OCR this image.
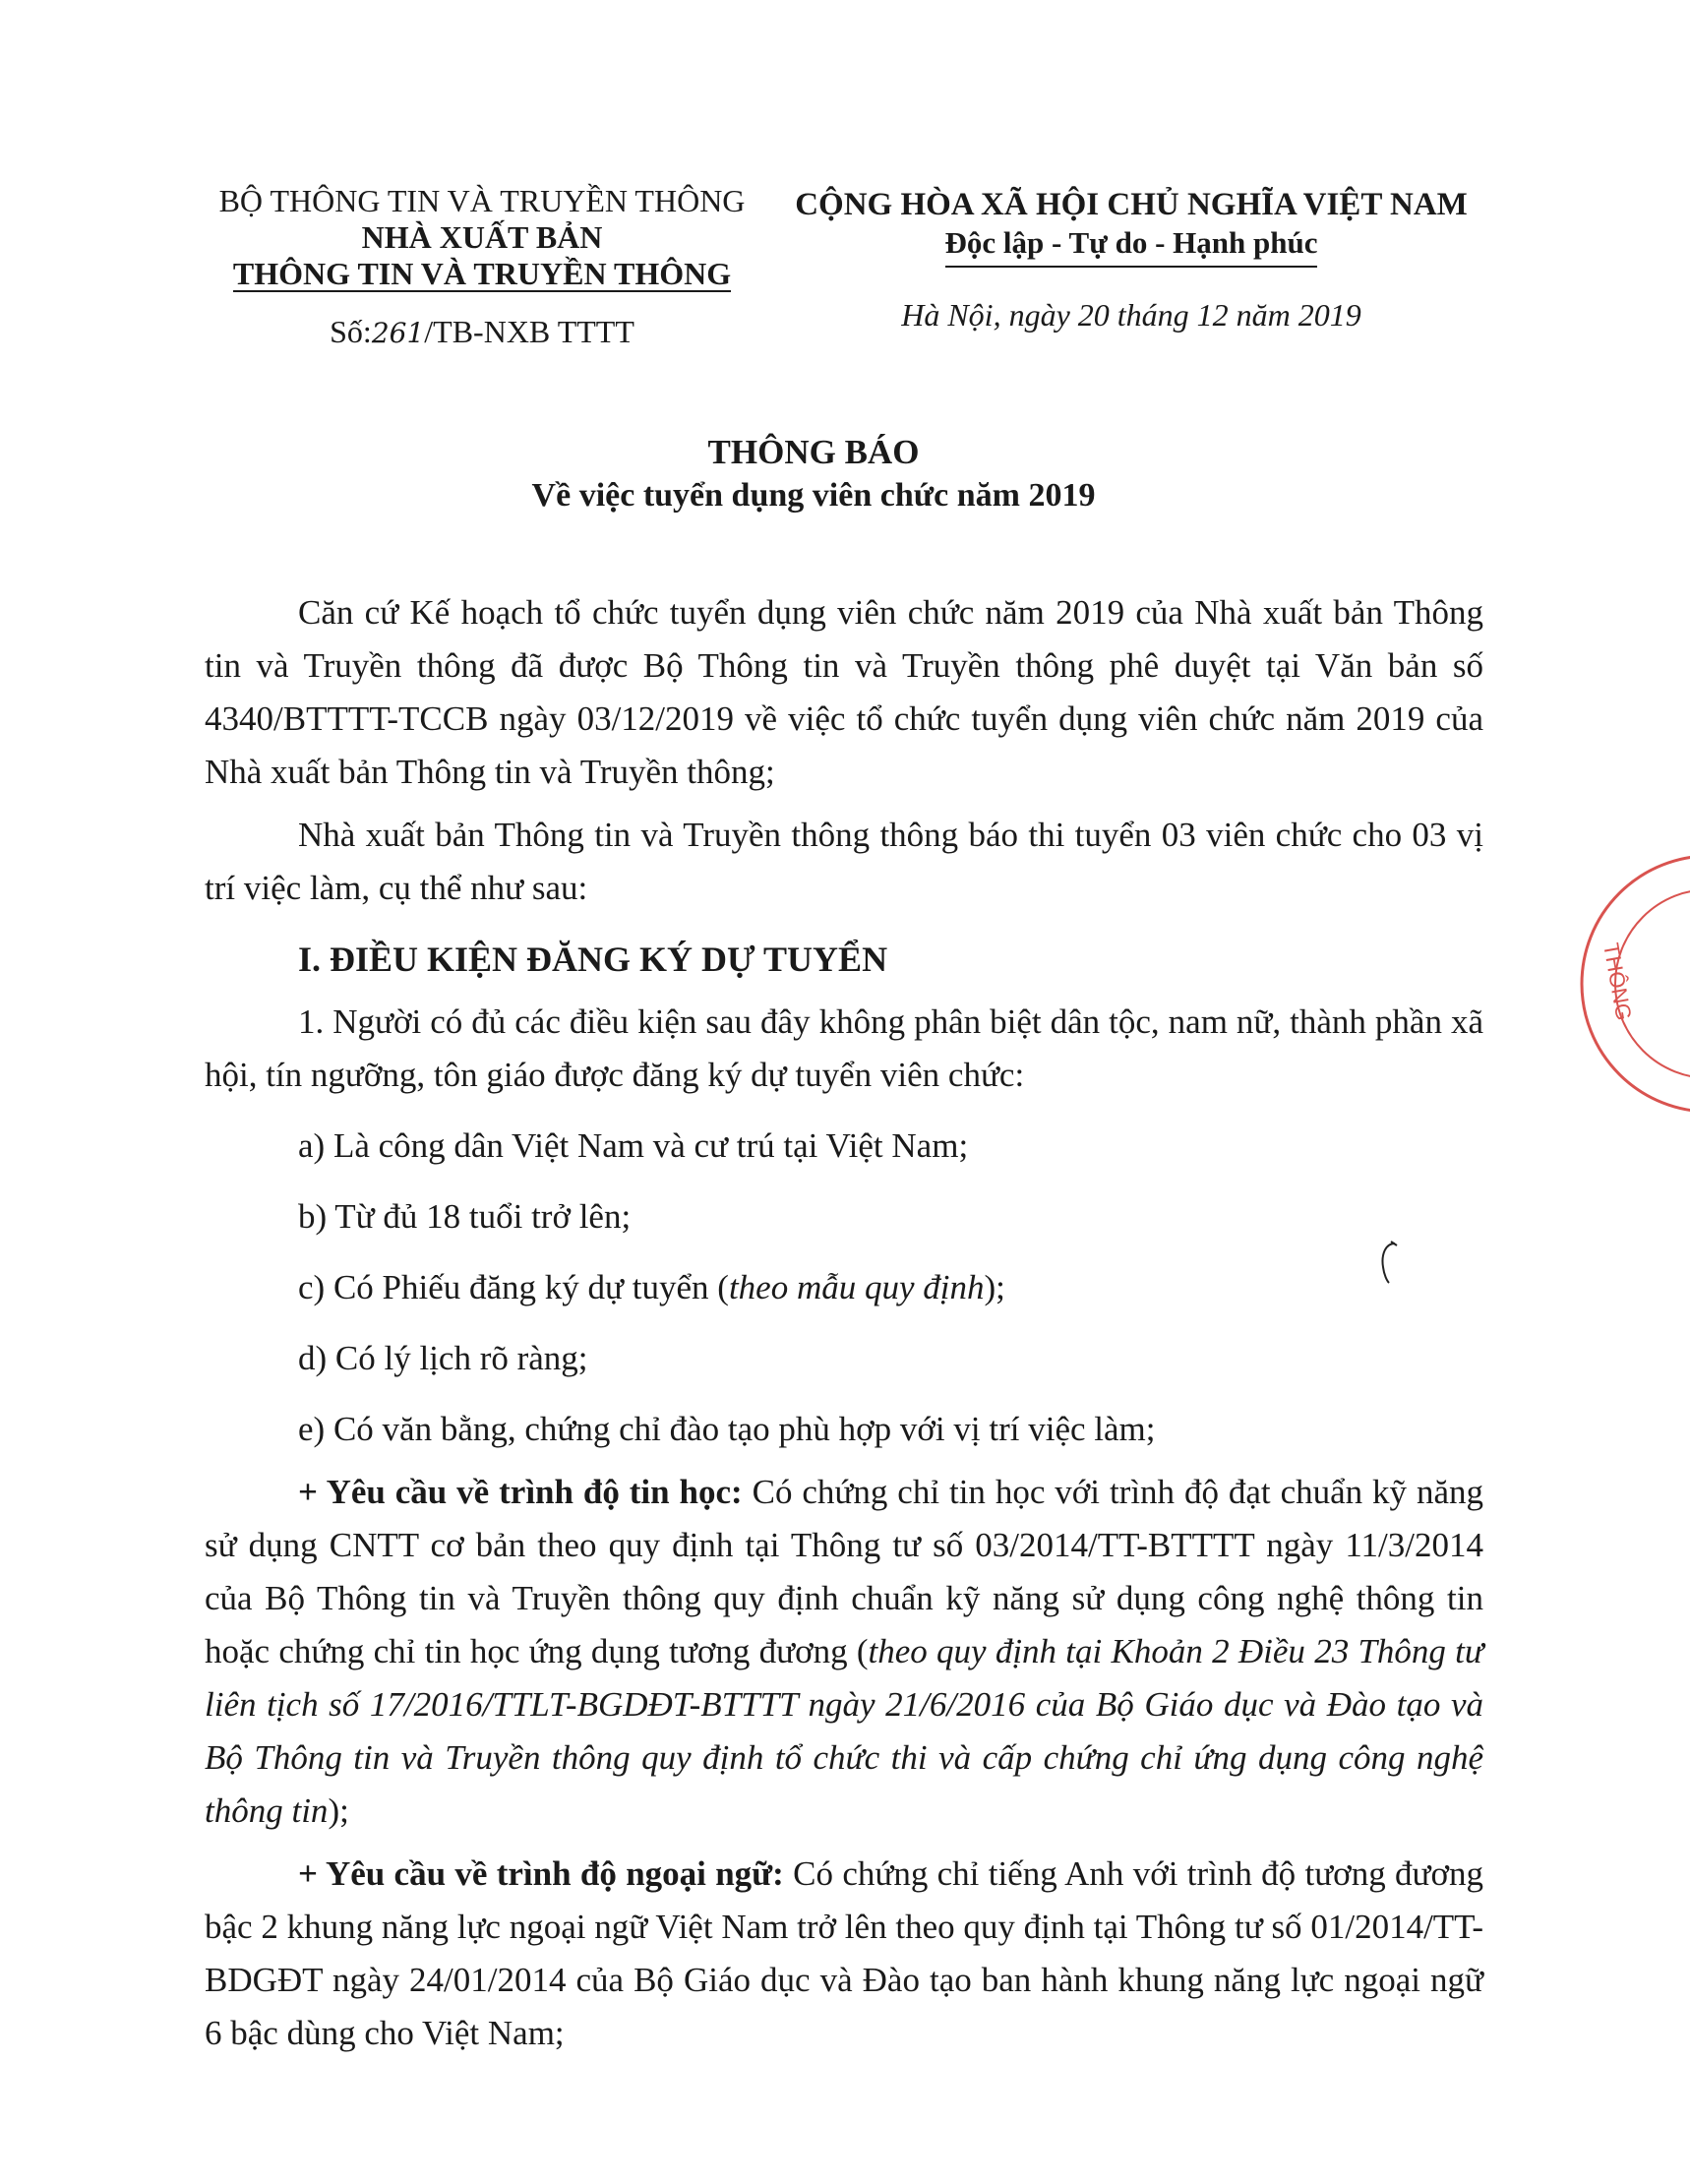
BỘ THÔNG TIN VÀ TRUYỀN THÔNG
NHÀ XUẤT BẢN
THÔNG TIN VÀ TRUYỀN THÔNG
Số:261/TB-NXB TTTT
CỘNG HÒA XÃ HỘI CHỦ NGHĨA VIỆT NAM
Độc lập - Tự do - Hạnh phúc
Hà Nội, ngày 20 tháng 12 năm 2019
THÔNG BÁO
Về việc tuyển dụng viên chức năm 2019

Căn cứ Kế hoạch tổ chức tuyển dụng viên chức năm 2019 của Nhà xuất bản Thông tin và Truyền thông đã được Bộ Thông tin và Truyền thông phê duyệt tại Văn bản số 4340/BTTTT-TCCB ngày 03/12/2019 về việc tổ chức tuyển dụng viên chức năm 2019 của Nhà xuất bản Thông tin và Truyền thông;

Nhà xuất bản Thông tin và Truyền thông thông báo thi tuyển 03 viên chức cho 03 vị trí việc làm, cụ thể như sau:

I. ĐIỀU KIỆN ĐĂNG KÝ DỰ TUYỂN

1. Người có đủ các điều kiện sau đây không phân biệt dân tộc, nam nữ, thành phần xã hội, tín ngưỡng, tôn giáo được đăng ký dự tuyển viên chức:

a) Là công dân Việt Nam và cư trú tại Việt Nam;

b) Từ đủ 18 tuổi trở lên;

c) Có Phiếu đăng ký dự tuyển (theo mẫu quy định);

d) Có lý lịch rõ ràng;

e) Có văn bằng, chứng chỉ đào tạo phù hợp với vị trí việc làm;

+ Yêu cầu về trình độ tin học: Có chứng chỉ tin học với trình độ đạt chuẩn kỹ năng sử dụng CNTT cơ bản theo quy định tại Thông tư số 03/2014/TT-BTTTT ngày 11/3/2014 của Bộ Thông tin và Truyền thông quy định chuẩn kỹ năng sử dụng công nghệ thông tin hoặc chứng chỉ tin học ứng dụng tương đương (theo quy định tại Khoản 2 Điều 23 Thông tư liên tịch số 17/2016/TTLT-BGDĐT-BTTTT ngày 21/6/2016 của Bộ Giáo dục và Đào tạo và Bộ Thông tin và Truyền thông quy định tổ chức thi và cấp chứng chỉ ứng dụng công nghệ thông tin);

+ Yêu cầu về trình độ ngoại ngữ: Có chứng chỉ tiếng Anh với trình độ tương đương bậc 2 khung năng lực ngoại ngữ Việt Nam trở lên theo quy định tại Thông tư số 01/2014/TT-BDGĐT ngày 24/01/2014 của Bộ Giáo dục và Đào tạo ban hành khung năng lực ngoại ngữ 6 bậc dùng cho Việt Nam;

THÔNG
